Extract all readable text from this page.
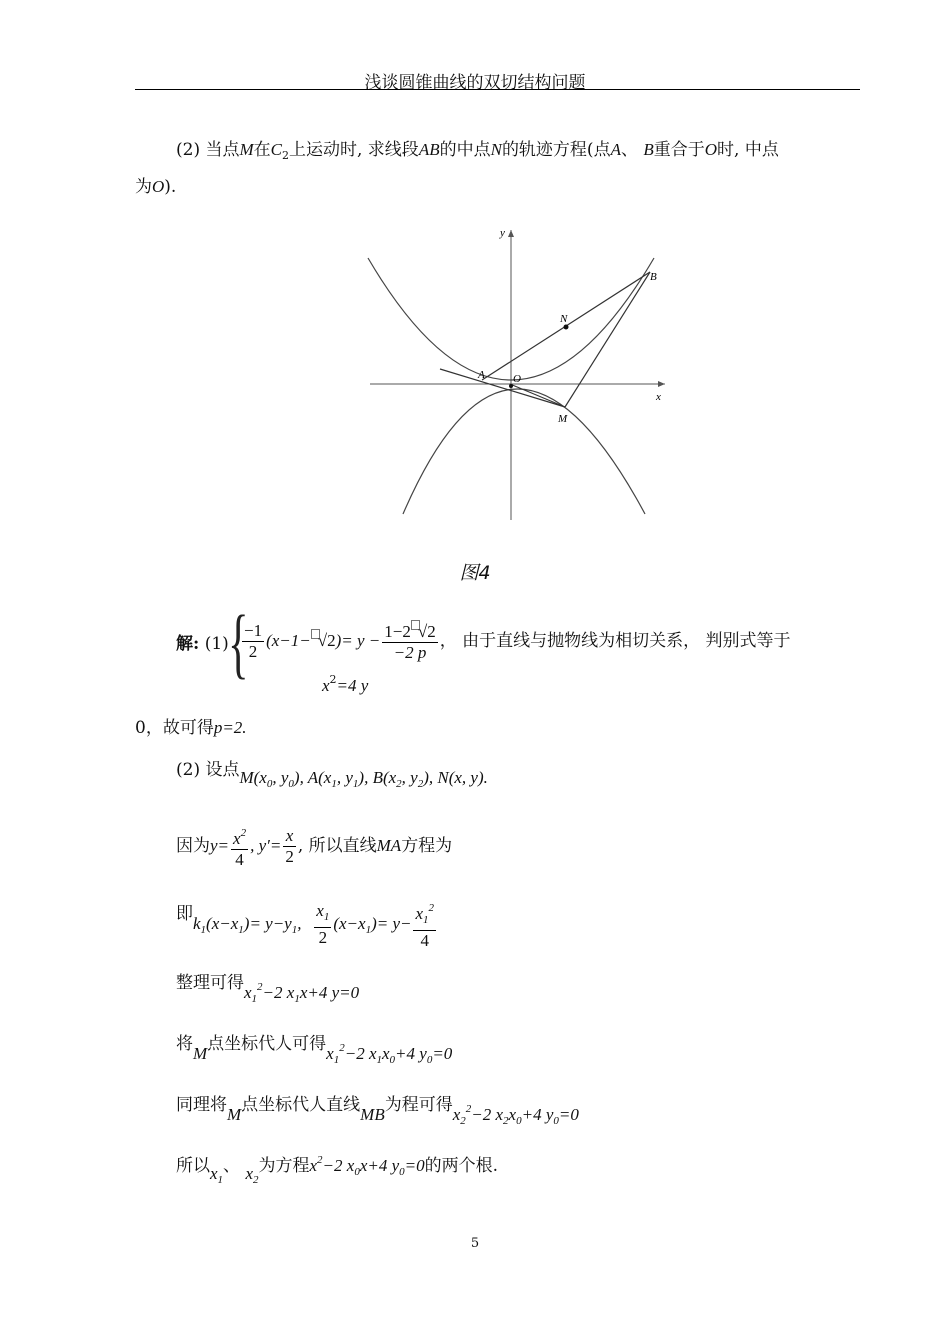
浅谈圆锥曲线的双切结构问题
(2) 当点M在$C_2$上运动时, 求线段AB的中点N的轨迹方程(点A、 B重合于O时, 中点
为O).
y
x
A
B
N
O
M
图4
解: (1) {
$\frac{-1}{2} (x-1- √2)= y - \frac{1-2 √2}{-2 p}$ ， 由于直线与抛物线为相切关系， 判别式等于
$x^2=4$ y
0，故可得p=2.
(2) 设点$M(x_0$, $y_0$), $A(x_1$, $y_1$), $B(x_2$, $y_2$), N(x, y).
因为$y= \frac{x^2}{4}$ , $y'= \frac{x}{2}$ , 所以直线MA方程为
即$k_1(x-x_1)= y-y_1$, $\frac{x_1}{2} (x-x_1)= y- \frac{x_1^2}{4}$
整理可得$x_1^2-2$ $x_1x+4$ y=0
将M点坐标代人可得$x_1^2-2$ $x_1x_0+4$ $y_0=0$
同理将M点坐标代人直线MB为程可得$x_2^2-2$ $x_2x_0+4$ $y_0=0$
所以$x_1$、 $x_2$为方程$x^2-2$ $x_0x+4$ $y_0=0$的两个根.
5
